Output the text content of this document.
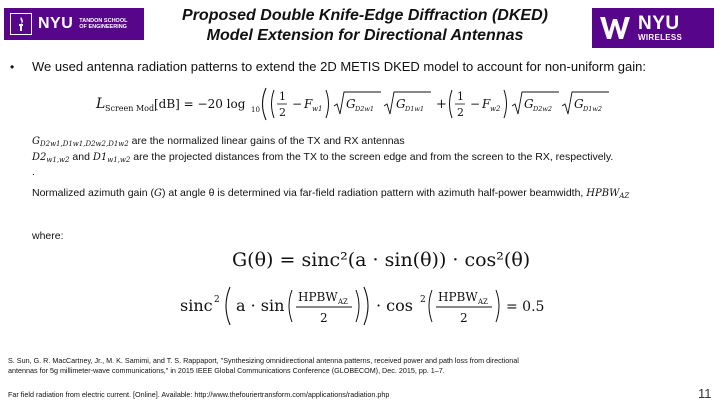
NYU TANDON SCHOOL
OF ENGINEERING
Proposed Double Knife-Edge Diffraction (DKED)
Model Extension for Directional Antennas
NYU
WIRELESS
• We used antenna radiation patterns to extend the 2D METIS DKED model to account for non-uniform gain:
L Screen Mod.
[dB] = −20 log 10
1
2
− F w1 G D2w1 G D1w1 +
1
2
− F w2 G D2w2 G D1w2
$G_{D2w1,D1w1,D2w2,D1w2}$ are the normalized linear gains of the TX and RX antennas
$D2_{w1,w2}$ and $D1_{w1,w2}$ are the projected distances from the TX to the screen edge and from the screen to the RX, respectively.
.
Normalized azimuth gain (G) at angle θ is determined via far-field radiation pattern with azimuth half-power beamwidth, $HPBW_{AZ}$
where:
G(θ) = sinc²(a · sin(θ)) · cos²(θ)
sinc 2 a · sin HPBW AZ
2
· cos 2 HPBW AZ
2
= 0.5
S. Sun, G. R. MacCartney, Jr., M. K. Samimi, and T. S. Rappaport, "Synthesizing omnidirectional antenna patterns, received power and path loss from directional
antennas for 5g millimeter-wave communications," in 2015 IEEE Global Communications Conference (GLOBECOM), Dec. 2015, pp. 1–7.
Far field radiation from electric current. [Online]. Available: http://www.thefouriertransform.com/applications/radiation.php	11
